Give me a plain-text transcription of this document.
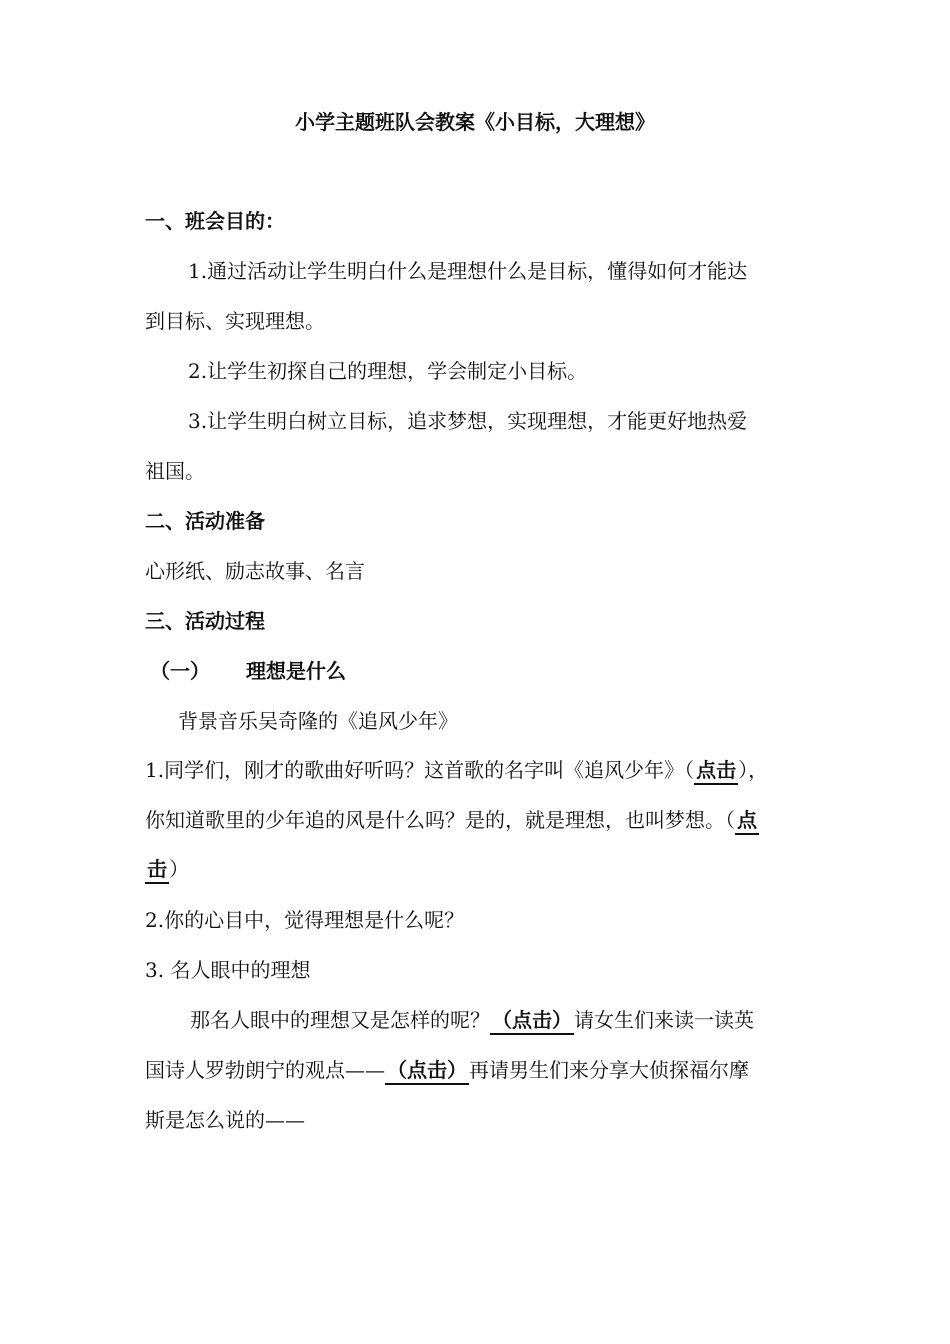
小学主题班队会教案《小目标，大理想》
一、班会目的：
1.通过活动让学生明白什么是理想什么是目标，懂得如何才能达
到目标、实现理想。
2.让学生初探自己的理想，学会制定小目标。
3.让学生明白树立目标，追求梦想，实现理想，才能更好地热爱
祖国。
二、活动准备
心形纸、励志故事、名言
三、活动过程
（一） 理想是什么
背景音乐吴奇隆的《追风少年》
1.同学们，刚才的歌曲好听吗？这首歌的名字叫《追风少年》（ 点击 ），
你知道歌里的少年追的风是什么吗？是的，就是理想，也叫梦想。（ 点
击 ）
2.你的心目中，觉得理想是什么呢？
3. 名人眼中的理想
那名人眼中的理想又是怎样的呢？ （点击） 请女生们来读一读英
国诗人罗勃朗宁的观点—— （点击） 再请男生们来分享大侦探福尔摩
斯是怎么说的——
